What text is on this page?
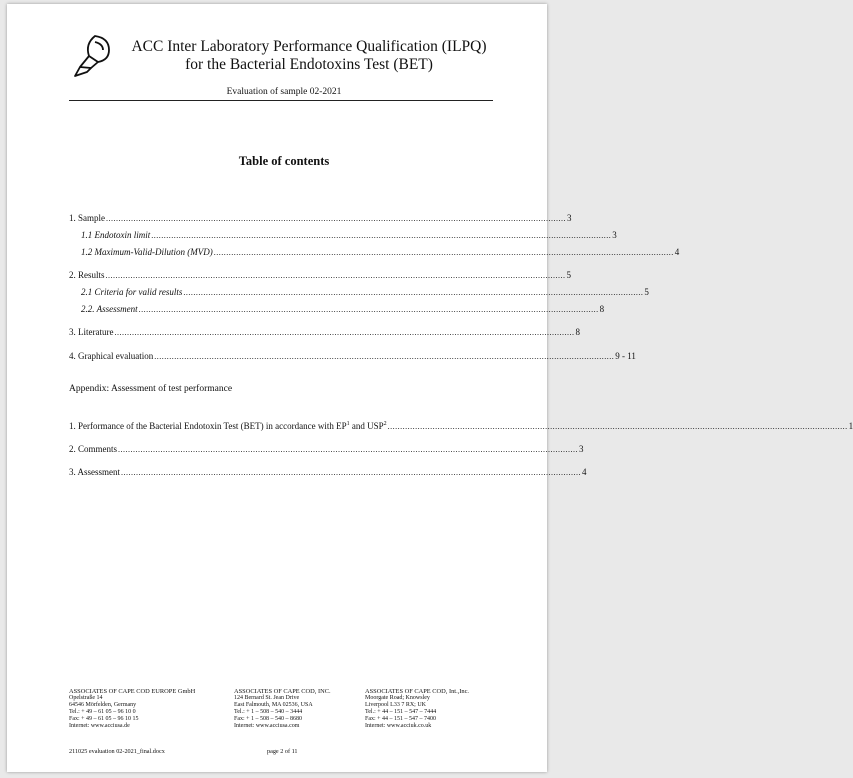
ACC Inter Laboratory Performance Qualification (ILPQ)
for the Bacterial Endotoxins Test (BET)
Evaluation of sample 02-2021
Table of contents
1. Sample ........................................................................................................................................................................................ 3
1.1 Endotoxin limit ........................................................................................................................................................................................ 3
1.2 Maximum-Valid-Dilution (MVD) ........................................................................................................................................................................................ 4
2. Results ........................................................................................................................................................................................ 5
2.1 Criteria for valid results ........................................................................................................................................................................................ 5
2.2. Assessment ........................................................................................................................................................................................ 8
3. Literature ........................................................................................................................................................................................ 8
4. Graphical evaluation ........................................................................................................................................................................................ 9 - 11
Appendix: Assessment of test performance
1. Performance of the Bacterial Endotoxin Test (BET) in accordance with $EP^1$ and USP$^2$ ........................................................................................................................................................................................ 1
2. Comments ........................................................................................................................................................................................ 3
3. Assessment ........................................................................................................................................................................................ 4
ASSOCIATES OF CAPE COD EUROPE GmbH
Opelstraße 14
64546 Mörfelden, Germany
Tel.: + 49 – 61 05 – 96 10 0
Fax: + 49 – 61 05 – 96 10 15
Internet: www.acciusa.de
ASSOCIATES OF CAPE COD, INC.
124 Bernard St. Jean Drive
East Falmouth, MA 02536, USA
Tel.: + 1 – 508 – 540 – 3444
Fax: + 1 – 508 – 540 – 8680
Internet: www.acciusa.com
ASSOCIATES OF CAPE COD, Int.,Inc.
Moorgate Road; Knowsley
Liverpool L33 7 RX; UK
Tel.: + 44 – 151 – 547 – 7444
Fax: + 44 – 151 – 547 – 7400
Internet: www.acciuk.co.uk
211025 evaluation 02-2021_final.docx	page 2 of 11
